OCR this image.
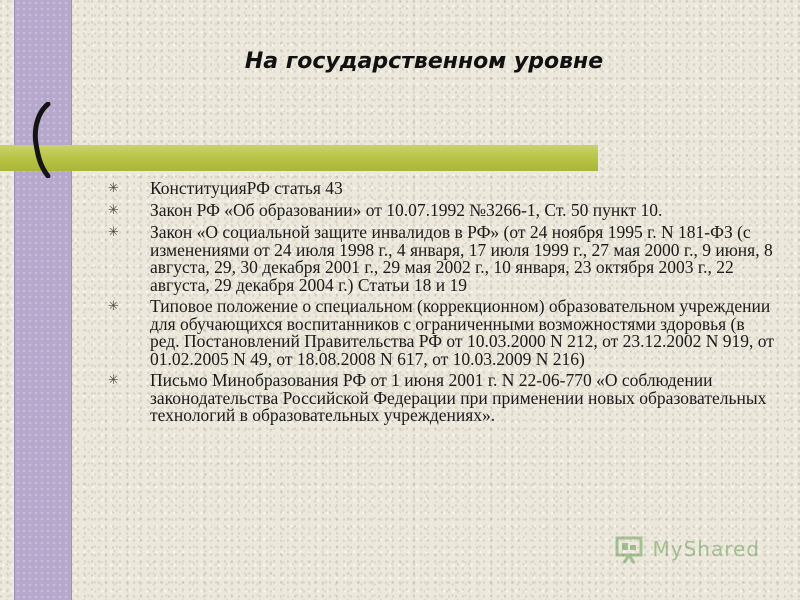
На государственном уровне
✳	КонституцияРФ статья 43
✳	Закон РФ «Об образовании» от 10.07.1992 №3266-1, Ст. 50 пункт 10.
✳	Закон «О социальной защите инвалидов в РФ» (от 24 ноября 1995 г. N 181-ФЗ (с изменениями от 24 июля 1998 г., 4 января, 17 июля 1999 г., 27 мая 2000 г., 9 июня, 8 августа, 29, 30 декабря 2001 г., 29 мая 2002 г., 10 января, 23 октября 2003 г., 22 августа, 29 декабря 2004 г.) Статьи 18 и 19
✳	Типовое положение о специальном (коррекционном) образовательном учреждении для обучающихся воспитанников с ограниченными возможностями здоровья (в ред. Постановлений Правительства РФ от 10.03.2000 N 212, от 23.12.2002 N 919, от 01.02.2005 N 49, от 18.08.2008 N 617, от 10.03.2009 N 216)
✳	Письмо Минобразования РФ от 1 июня 2001 г. N 22-06-770 «О соблюдении законодательства Российской Федерации при применении новых образовательных технологий в образовательных учреждениях».
MyShared
